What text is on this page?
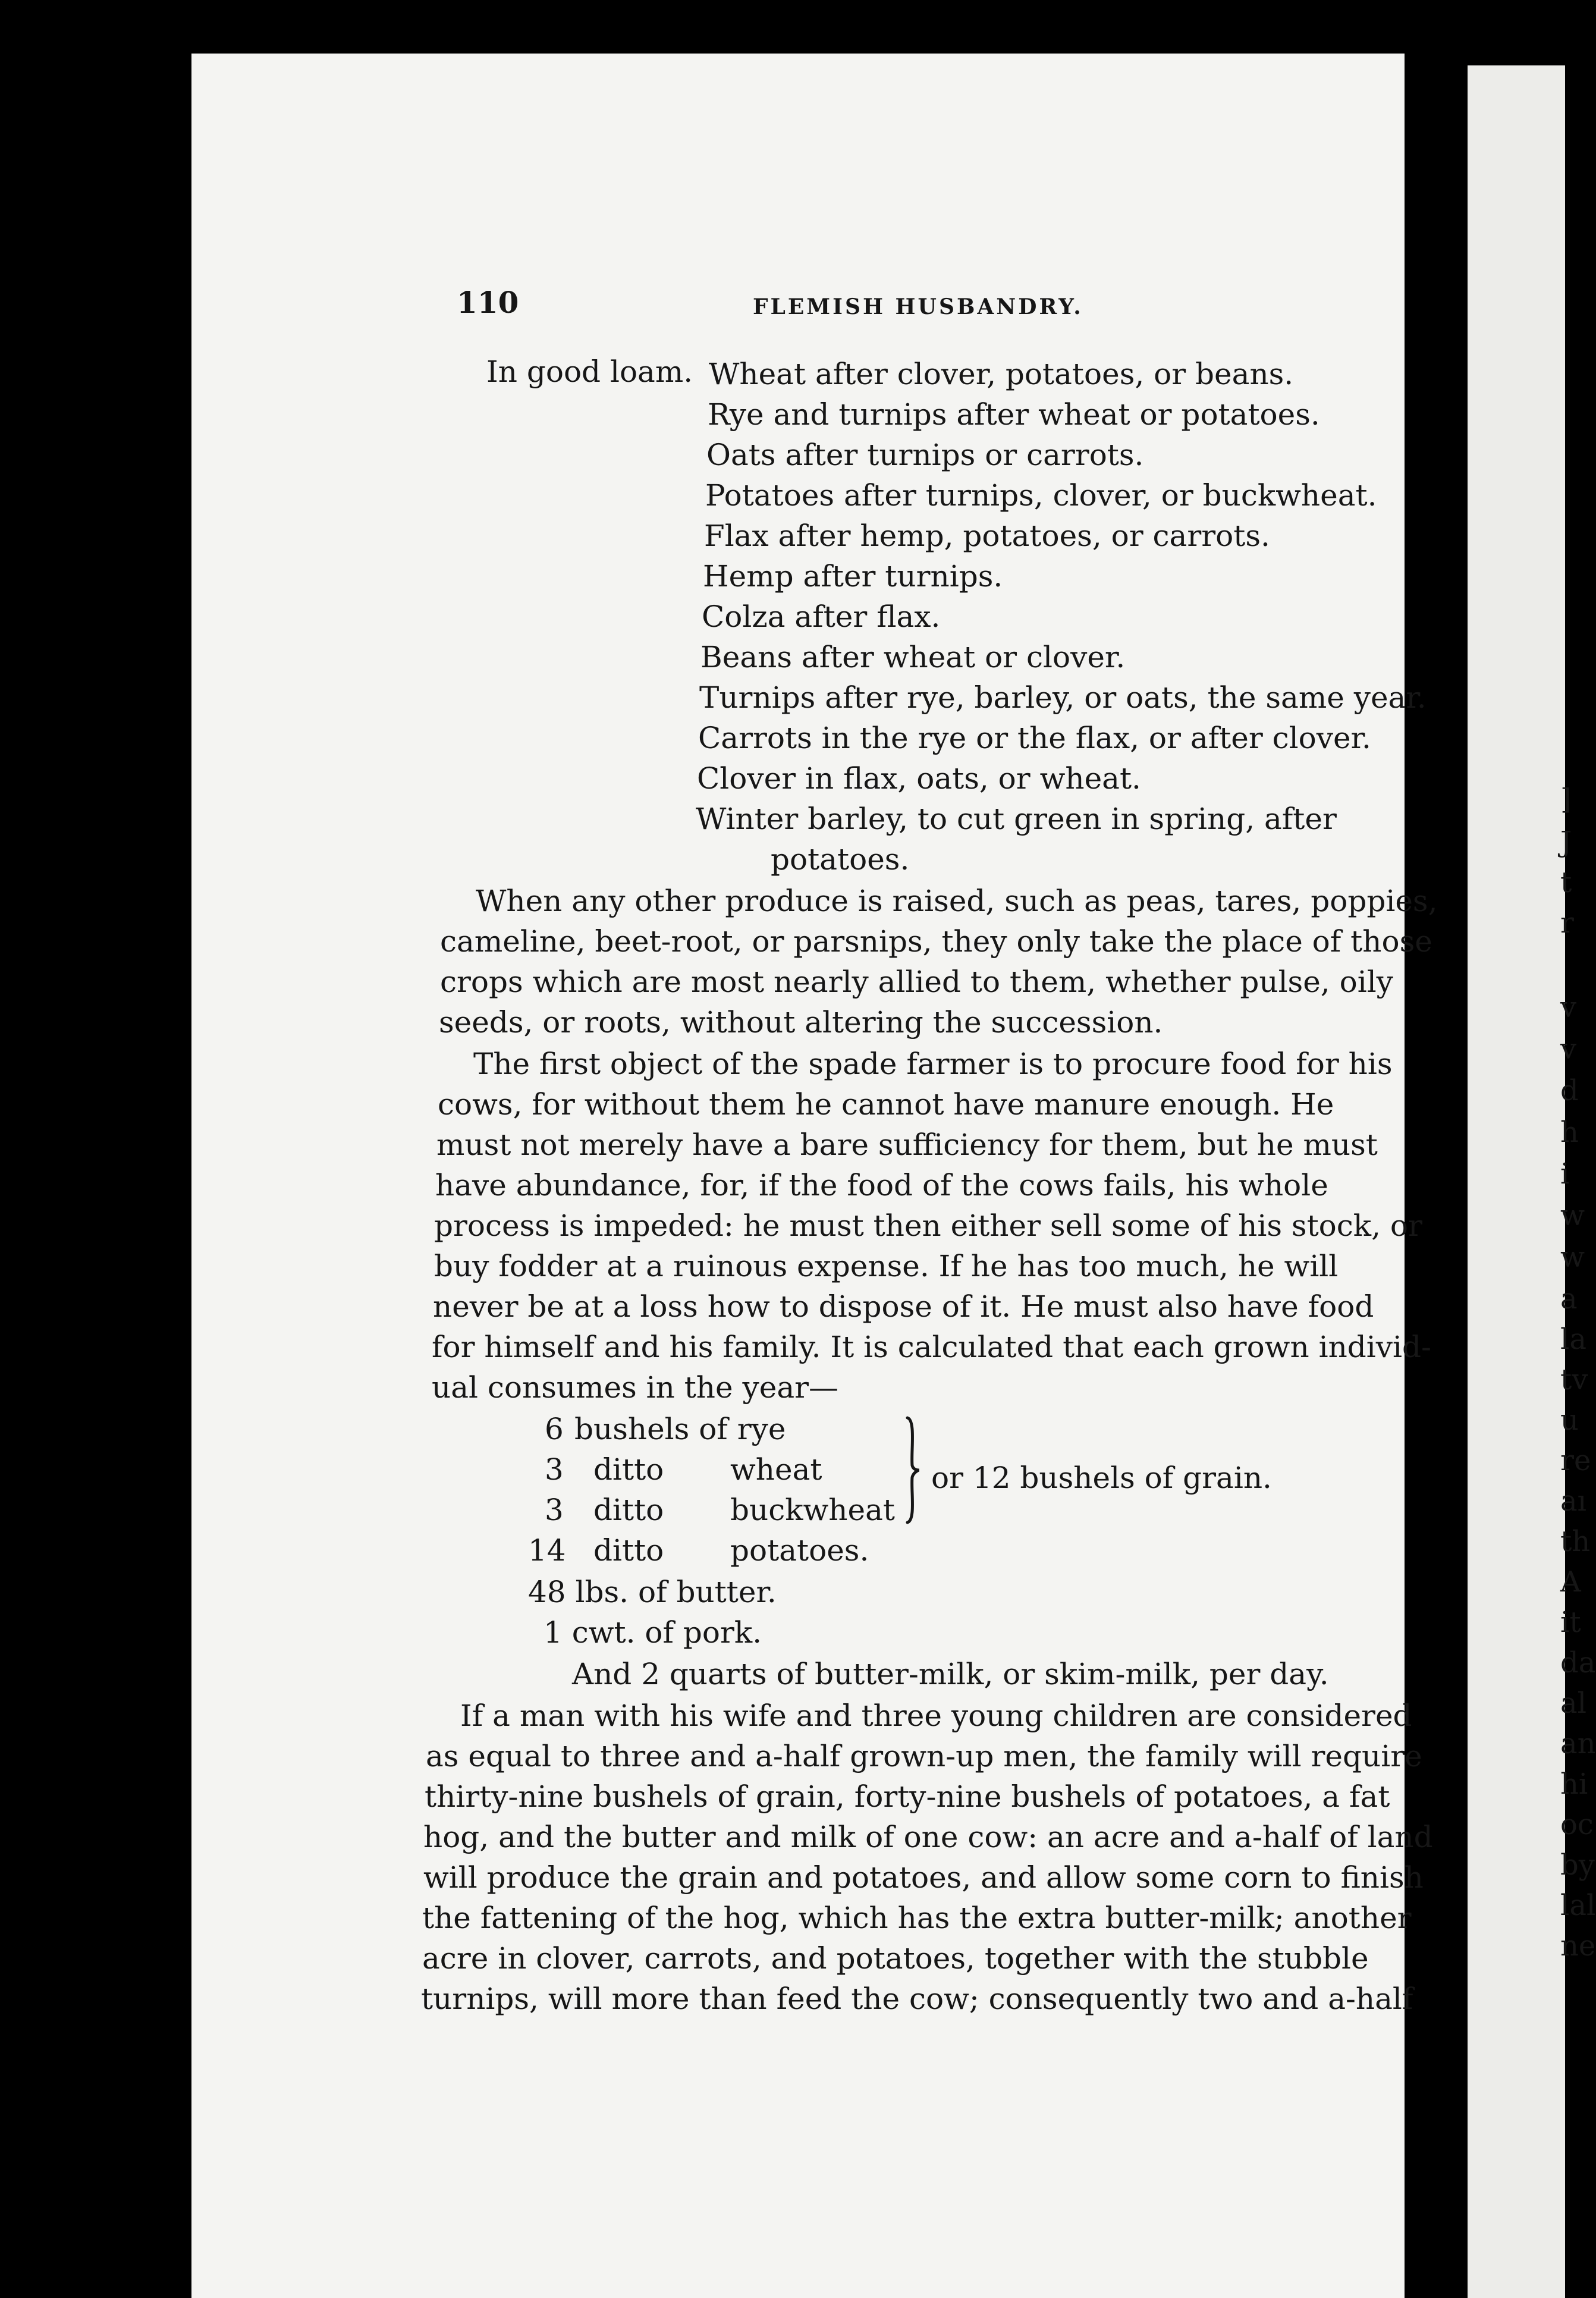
]
J
t
r
v
v
d
h
i
w
w
a
la
tv
u
re
aı
th
A
it
da
al
an
hi
oc
by
lal
ne
110	FLEMISH HUSBANDRY.
In good loam. Wheat after clover, potatoes, or beans.
Rye and turnips after wheat or potatoes.
Oats after turnips or carrots.
Potatoes after turnips, clover, or buckwheat.
Flax after hemp, potatoes, or carrots.
Hemp after turnips.
Colza after flax.
Beans after wheat or clover.
Turnips after rye, barley, or oats, the same year.
Carrots in the rye or the flax, or after clover.
Clover in flax, oats, or wheat.
Winter barley, to cut green in spring, after
potatoes.
When any other produce is raised, such as peas, tares, poppies,
cameline, beet-root, or parsnips, they only take the place of those
crops which are most nearly allied to them, whether pulse, oily
seeds, or roots, without altering the succession.
The first object of the spade farmer is to procure food for his
cows, for without them he cannot have manure enough. He
must not merely have a bare sufficiency for them, but he must
have abundance, for, if the food of the cows fails, his whole
process is impeded: he must then either sell some of his stock, or
buy fodder at a ruinous expense. If he has too much, he will
never be at a loss how to dispose of it. He must also have food
for himself and his family. It is calculated that each grown individ-
ual consumes in the year—
6 bushels of rye
3 ditto wheat
3 ditto buckwheat
14 ditto potatoes.
or 12 bushels of grain.
48 lbs. of butter.
1 cwt. of pork.
And 2 quarts of butter-milk, or skim-milk, per day.
If a man with his wife and three young children are considered
as equal to three and a-half grown-up men, the family will require
thirty-nine bushels of grain, forty-nine bushels of potatoes, a fat
hog, and the butter and milk of one cow: an acre and a-half of land
will produce the grain and potatoes, and allow some corn to finish
the fattening of the hog, which has the extra butter-milk; another
acre in clover, carrots, and potatoes, together with the stubble
turnips, will more than feed the cow; consequently two and a-half
